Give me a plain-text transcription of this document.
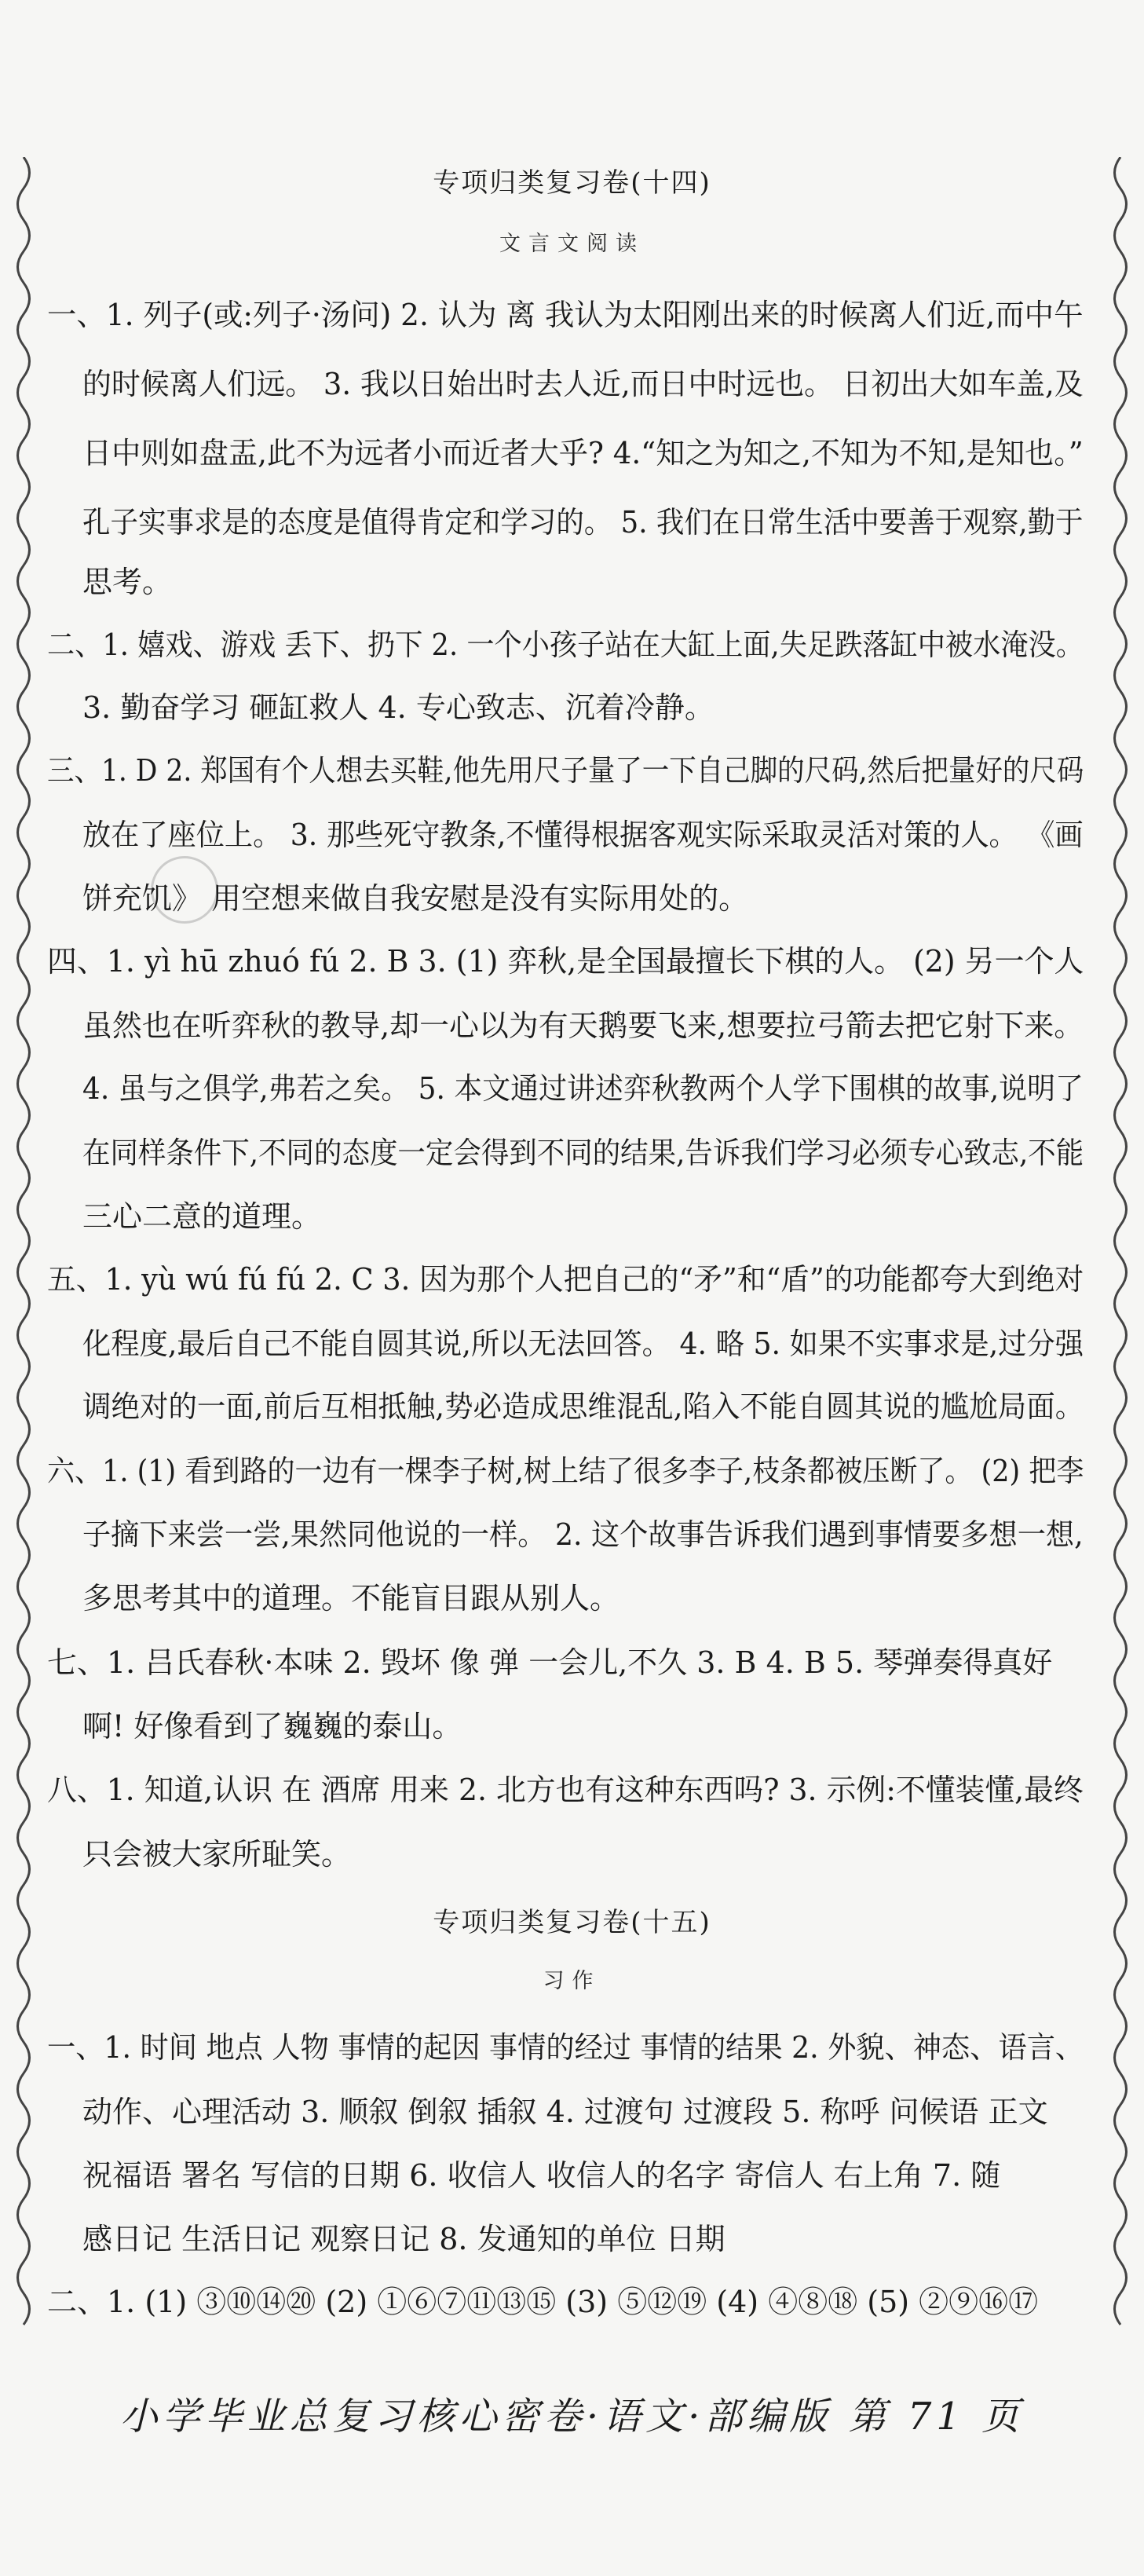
专项归类复习卷(十四)
文言文阅读
一、1. 列子(或:列子·汤问) 2. 认为 离 我认为太阳刚出来的时候离人们近,而中午
的时候离人们远。 3. 我以日始出时去人近,而日中时远也。 日初出大如车盖,及
日中则如盘盂,此不为远者小而近者大乎? 4.“知之为知之,不知为不知,是知也。”
孔子实事求是的态度是值得肯定和学习的。 5. 我们在日常生活中要善于观察,勤于
思考。
二、1. 嬉戏、游戏 丢下、扔下 2. 一个小孩子站在大缸上面,失足跌落缸中被水淹没。
3. 勤奋学习 砸缸救人 4. 专心致志、沉着冷静。
三、1. D 2. 郑国有个人想去买鞋,他先用尺子量了一下自己脚的尺码,然后把量好的尺码
放在了座位上。 3. 那些死守教条,不懂得根据客观实际采取灵活对策的人。 《画
饼充饥》 用空想来做自我安慰是没有实际用处的。
四、1. yì hū zhuó fú 2. B 3. (1) 弈秋,是全国最擅长下棋的人。 (2) 另一个人
虽然也在听弈秋的教导,却一心以为有天鹅要飞来,想要拉弓箭去把它射下来。
4. 虽与之俱学,弗若之矣。 5. 本文通过讲述弈秋教两个人学下围棋的故事,说明了
在同样条件下,不同的态度一定会得到不同的结果,告诉我们学习必须专心致志,不能
三心二意的道理。
五、1. yù wú fú fú 2. C 3. 因为那个人把自己的“矛”和“盾”的功能都夸大到绝对
化程度,最后自己不能自圆其说,所以无法回答。 4. 略 5. 如果不实事求是,过分强
调绝对的一面,前后互相抵触,势必造成思维混乱,陷入不能自圆其说的尴尬局面。
六、1. (1) 看到路的一边有一棵李子树,树上结了很多李子,枝条都被压断了。 (2) 把李
子摘下来尝一尝,果然同他说的一样。 2. 这个故事告诉我们遇到事情要多想一想,
多思考其中的道理。不能盲目跟从别人。
七、1. 吕氏春秋·本味 2. 毁坏 像 弹 一会儿,不久 3. B 4. B 5. 琴弹奏得真好
啊! 好像看到了巍巍的泰山。
八、1. 知道,认识 在 酒席 用来 2. 北方也有这种东西吗? 3. 示例:不懂装懂,最终
只会被大家所耻笑。
专项归类复习卷(十五)
习作
一、1. 时间 地点 人物 事情的起因 事情的经过 事情的结果 2. 外貌、神态、语言、
动作、心理活动 3. 顺叙 倒叙 插叙 4. 过渡句 过渡段 5. 称呼 问候语 正文
祝福语 署名 写信的日期 6. 收信人 收信人的名字 寄信人 右上角 7. 随
感日记 生活日记 观察日记 8. 发通知的单位 日期
二、1. (1) ③⑩⑭⑳ (2) ①⑥⑦⑪⑬⑮ (3) ⑤⑫⑲ (4) ④⑧⑱ (5) ②⑨⑯⑰
小学毕业总复习核心密卷·语文·部编版 第 71 页
